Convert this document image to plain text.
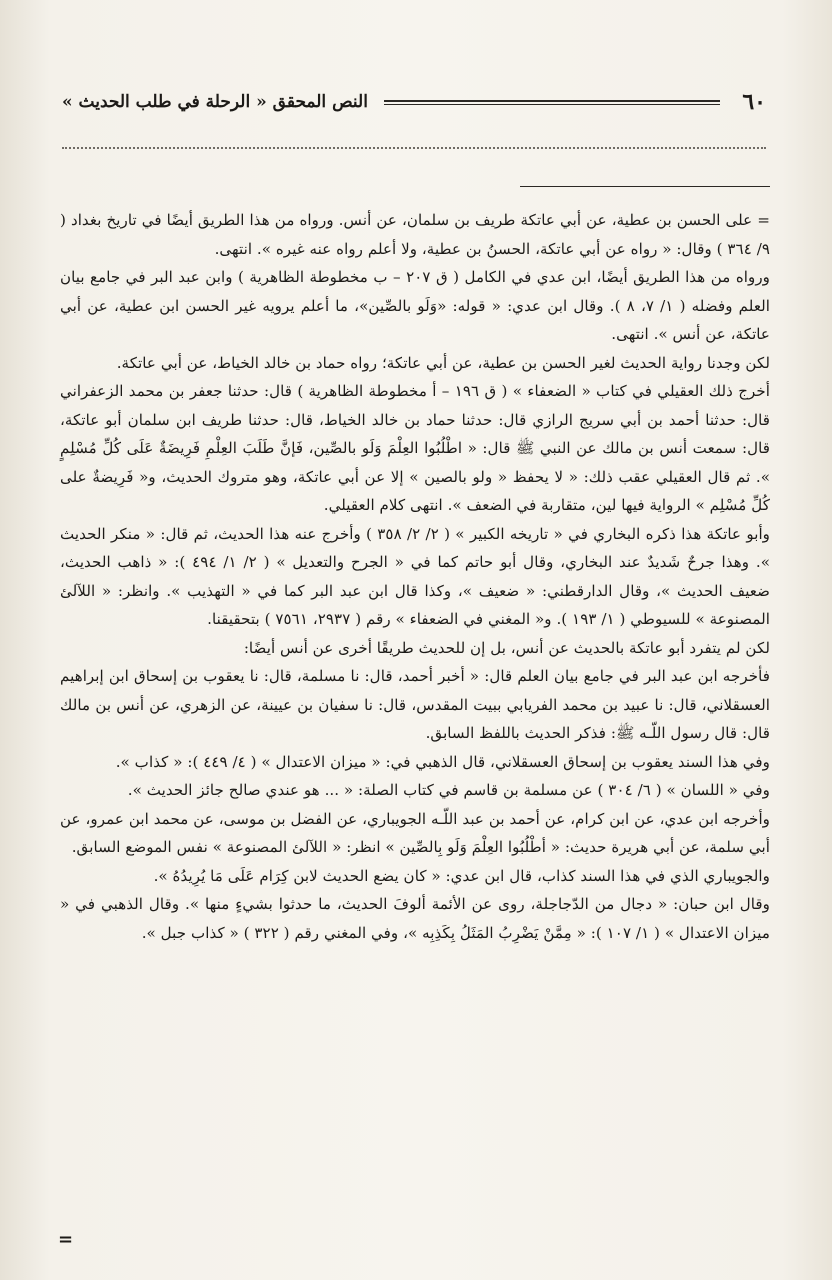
٦٠
النص المحقق « الرحلة في طلب الحديث »

= على الحسن بن عطية، عن أبي عاتكة طريف بن سلمان، عن أنس. ورواه من هذا الطريق أيضًا في تاريخ بغداد ( ٩/ ٣٦٤ ) وقال: « رواه عن أبي عاتكة، الحسنُ بن عطية، ولا أعلم رواه عنه غيره ». انتهى.

ورواه من هذا الطريق أيضًا، ابن عدي في الكامل ( ق ٢٠٧ – ب مخطوطة الظاهرية ) وابن عبد البر في جامع بيان العلم وفضله ( ١/ ٧، ٨ ). وقال ابن عدي: « قوله: «وَلَو بالصِّين»، ما أعلم يرويه غير الحسن ابن عطية، عن أبي عاتكة، عن أنس ». انتهى.

لكن وجدنا رواية الحديث لغير الحسن بن عطية، عن أبي عاتكة؛ رواه حماد بن خالد الخياط، عن أبي عاتكة.

أخرج ذلك العقيلي في كتاب « الضعفاء » ( ق ١٩٦ – أ مخطوطة الظاهرية ) قال: حدثنا جعفر بن محمد الزعفراني قال: حدثنا أحمد بن أبي سريج الرازي قال: حدثنا حماد بن خالد الخياط، قال: حدثنا طريف ابن سلمان أبو عاتكة، قال: سمعت أنس بن مالك عن النبي ﷺ قال: « اطْلُبُوا العِلْمَ وَلَو بالصِّين، فَإنَّ طَلَبَ العِلْمِ فَرِيضَةٌ عَلَى كُلِّ مُسْلِمٍ ». ثم قال العقيلي عقب ذلك: « لا يحفظ « ولو بالصين » إلا عن أبي عاتكة، وهو متروك الحديث، و« فَرِيضةٌ على كُلِّ مُسْلِم » الرواية فيها لين، متقاربة في الضعف ». انتهى كلام العقيلي.

وأبو عاتكة هذا ذكره البخاري في « تاريخه الكبير » ( ٢/ ٢/ ٣٥٨ ) وأخرج عنه هذا الحديث، ثم قال: « منكر الحديث ». وهذا جرحٌ شَديدٌ عند البخاري، وقال أبو حاتم كما في « الجرح والتعديل » ( ٢/ ١/ ٤٩٤ ): « ذاهب الحديث، ضعيف الحديث »، وقال الدارقطني: « ضعيف »، وكذا قال ابن عبد البر كما في « التهذيب ». وانظر: « اللآلئ المصنوعة » للسيوطي ( ١/ ١٩٣ ). و« المغني في الضعفاء » رقم ( ٢٩٣٧، ٧٥٦١ ) بتحقيقنا.

لكن لم يتفرد أبو عاتكة بالحديث عن أنس، بل إن للحديث طريقًا أخرى عن أنس أيضًا:

فأخرجه ابن عبد البر في جامع بيان العلم قال: « أخبر أحمد، قال: نا مسلمة، قال: نا يعقوب بن إسحاق ابن إبراهيم العسقلاني، قال: نا عبيد بن محمد الفريابي ببيت المقدس، قال: نا سفيان بن عيينة، عن الزهري، عن أنس بن مالك قال: قال رسول اللّـه ﷺ: فذكر الحديث باللفظ السابق.

وفي هذا السند يعقوب بن إسحاق العسقلاني، قال الذهبي في: « ميزان الاعتدال » ( ٤/ ٤٤٩ ): « كذاب ».

وفي « اللسان » ( ٦/ ٣٠٤ ) عن مسلمة بن قاسم في كتاب الصلة: « ... هو عندي صالح جائز الحديث ».

وأخرجه ابن عدي، عن ابن كرام، عن أحمد بن عبد اللّـه الجويباري، عن الفضل بن موسى، عن محمد ابن عمرو، عن أبي سلمة، عن أبي هريرة حديث: « أطْلُبُوا العِلْمَ وَلَو بِالصِّين » انظر: « اللآلئ المصنوعة » نفس الموضع السابق.

والجويباري الذي في هذا السند كذاب، قال ابن عدي: « كان يضع الحديث لابن كِرَام عَلَى مَا يُرِيدُهُ ».

وقال ابن حبان: « دجال من الدّجاجلة، روى عن الأئمة ألوفَ الحديث، ما حدثوا بشيءٍ منها ». وقال الذهبي في « ميزان الاعتدال » ( ١/ ١٠٧ ): « مِمَّنْ يَضْرِبُ المَثَلُ بِكَذِبِه »، وفي المغني رقم ( ٣٢٢ ) « كذاب جبل ».

=
